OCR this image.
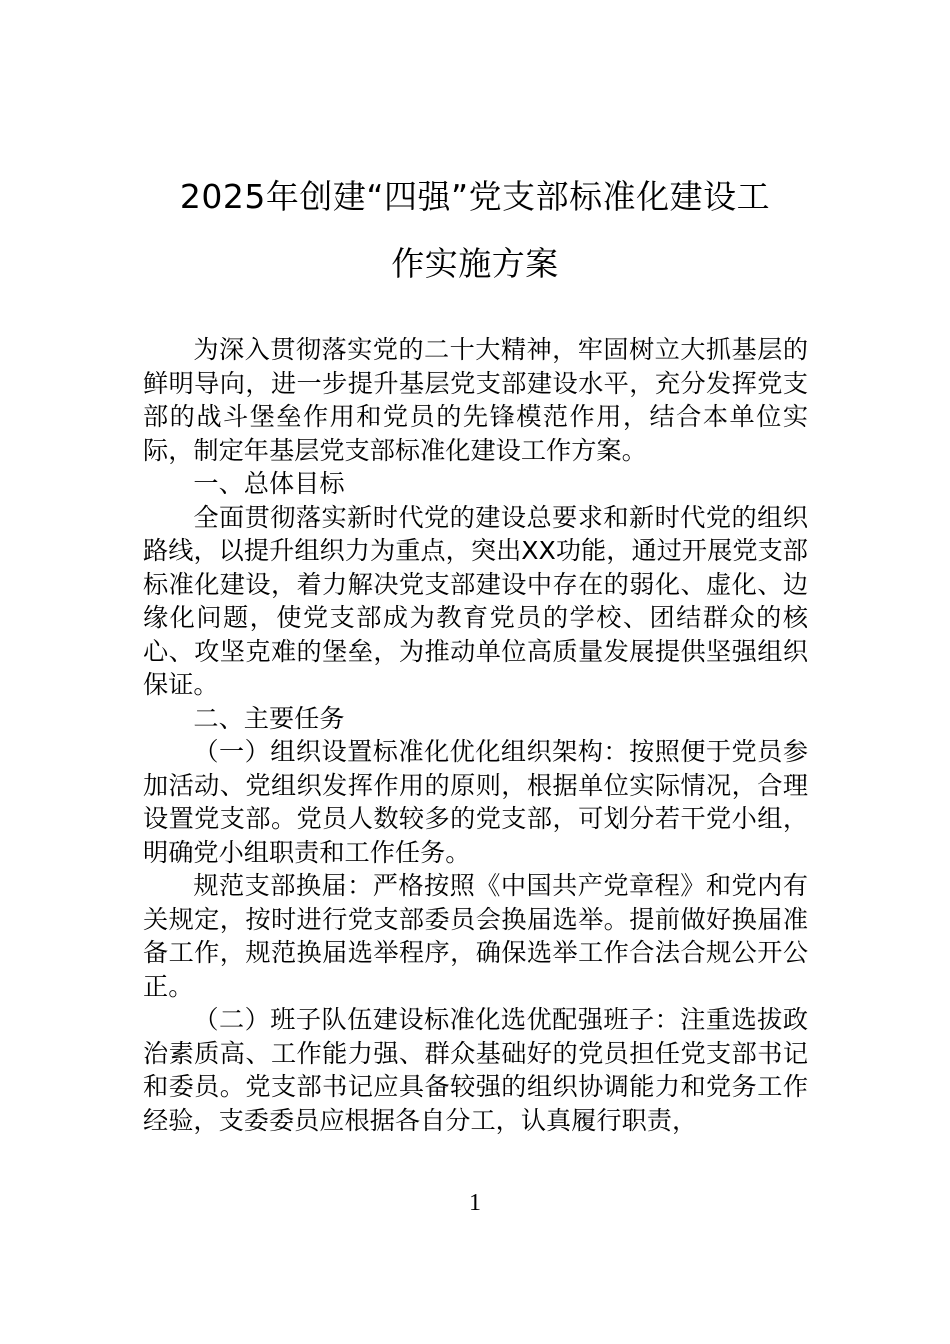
2025年创建“四强”党支部标准化建设工
作实施方案

为深入贯彻落实党的二十大精神，牢固树立大抓基层的鲜明导向，进一步提升基层党支部建设水平，充分发挥党支部的战斗堡垒作用和党员的先锋模范作用，结合本单位实际，制定年基层党支部标准化建设工作方案。

一、总体目标

全面贯彻落实新时代党的建设总要求和新时代党的组织路线，以提升组织力为重点，突出XX功能，通过开展党支部标准化建设，着力解决党支部建设中存在的弱化、虚化、边缘化问题，使党支部成为教育党员的学校、团结群众的核心、攻坚克难的堡垒，为推动单位高质量发展提供坚强组织保证。

二、主要任务

（一）组织设置标准化优化组织架构：按照便于党员参加活动、党组织发挥作用的原则，根据单位实际情况，合理设置党支部。党员人数较多的党支部，可划分若干党小组，明确党小组职责和工作任务。

规范支部换届：严格按照《中国共产党章程》和党内有关规定，按时进行党支部委员会换届选举。提前做好换届准备工作，规范换届选举程序，确保选举工作合法合规公开公正。

（二）班子队伍建设标准化选优配强班子：注重选拔政治素质高、工作能力强、群众基础好的党员担任党支部书记和委员。党支部书记应具备较强的组织协调能力和党务工作经验，支委委员应根据各自分工，认真履行职责，

1
